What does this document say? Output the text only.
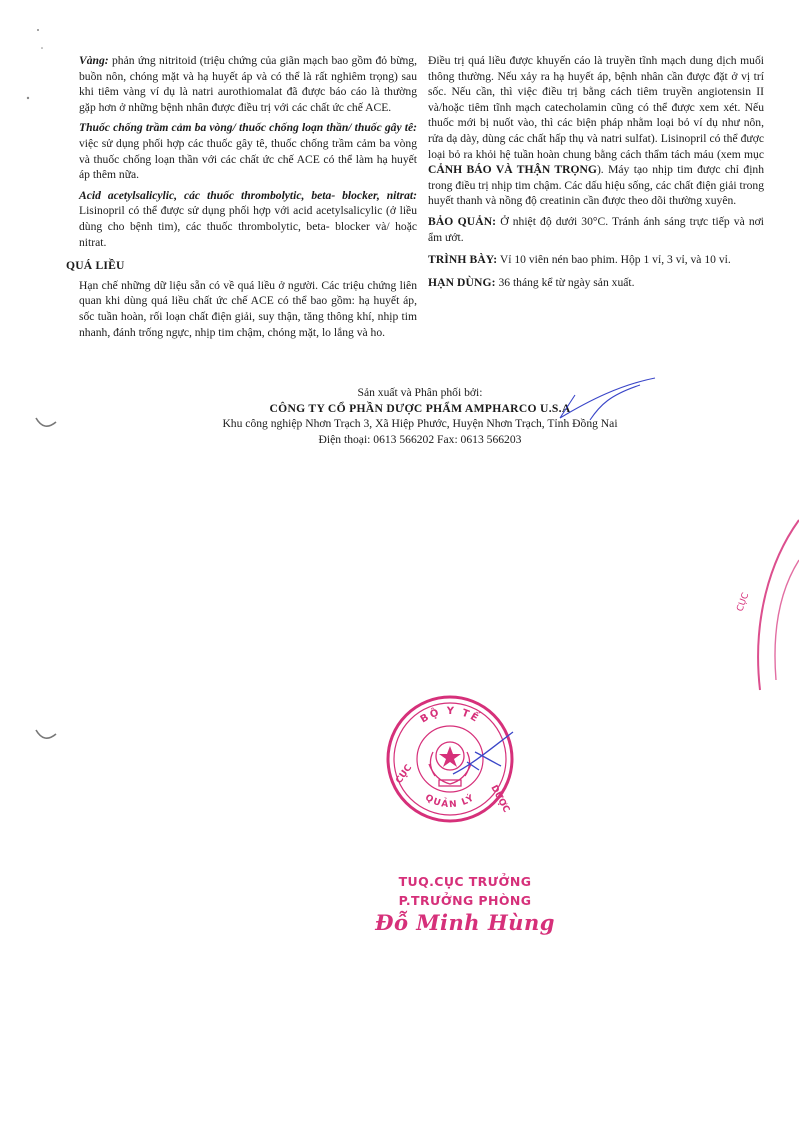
Vàng: phản ứng nitritoid (triệu chứng của giãn mạch bao gồm đỏ bừng, buồn nôn, chóng mặt và hạ huyết áp và có thể là rất nghiêm trọng) sau khi tiêm vàng ví dụ là natri aurothiomalat đã được báo cáo là thường gặp hơn ở những bệnh nhân được điều trị với các chất ức chế ACE.

Thuốc chống trầm cảm ba vòng/ thuốc chống loạn thần/ thuốc gây tê: việc sử dụng phối hợp các thuốc gây tê, thuốc chống trầm cảm ba vòng và thuốc chống loạn thần với các chất ức chế ACE có thể làm hạ huyết áp thêm nữa.

Acid acetylsalicylic, các thuốc thrombolytic, beta- blocker, nitrat: Lisinopril có thể được sử dụng phối hợp với acid acetylsalicylic (ở liều dùng cho bệnh tim), các thuốc thrombolytic, beta- blocker và/ hoặc nitrat.

QUÁ LIỀU

Hạn chế những dữ liệu sẵn có về quá liều ở người. Các triệu chứng liên quan khi dùng quá liều chất ức chế ACE có thể bao gồm: hạ huyết áp, sốc tuần hoàn, rối loạn chất điện giải, suy thận, tăng thông khí, nhịp tim nhanh, đánh trống ngực, nhịp tim chậm, chóng mặt, lo lắng và ho.

Điều trị quá liều được khuyến cáo là truyền tĩnh mạch dung dịch muối thông thường. Nếu xảy ra hạ huyết áp, bệnh nhân cần được đặt ở vị trí sốc. Nếu cần, thì việc điều trị bằng cách tiêm truyền angiotensin II và/hoặc tiêm tĩnh mạch catecholamin cũng có thể được xem xét. Nếu thuốc mới bị nuốt vào, thì các biện pháp nhằm loại bỏ ví dụ như nôn, rửa dạ dày, dùng các chất hấp thụ và natri sulfat). Lisinopril có thể được loại bỏ ra khỏi hệ tuần hoàn chung bằng cách thẩm tách máu (xem mục CẢNH BÁO VÀ THẬN TRỌNG). Máy tạo nhịp tim được chỉ định trong điều trị nhịp tim chậm. Các dấu hiệu sống, các chất điện giải trong huyết thanh và nồng độ creatinin cần được theo dõi thường xuyên.

BẢO QUẢN: Ở nhiệt độ dưới 30°C. Tránh ánh sáng trực tiếp và nơi ẩm ướt.

TRÌNH BÀY: Vỉ 10 viên nén bao phim. Hộp 1 vỉ, 3 vỉ, và 10 vỉ.

HẠN DÙNG: 36 tháng kể từ ngày sản xuất.

Sản xuất và Phân phối bởi:
CÔNG TY CỔ PHẦN DƯỢC PHẨM AMPHARCO U.S.A
Khu công nghiệp Nhơn Trạch 3, Xã Hiệp Phước, Huyện Nhơn Trạch, Tỉnh Đồng Nai
Điện thoại: 0613 566202 Fax: 0613 566203
CỤC
BỘ Y TẾ
QUẢN LÝ
CỤC
DƯỢC
TUQ.CỤC TRƯỞNG
P.TRƯỞNG PHÒNG
Đỗ Minh Hùng
